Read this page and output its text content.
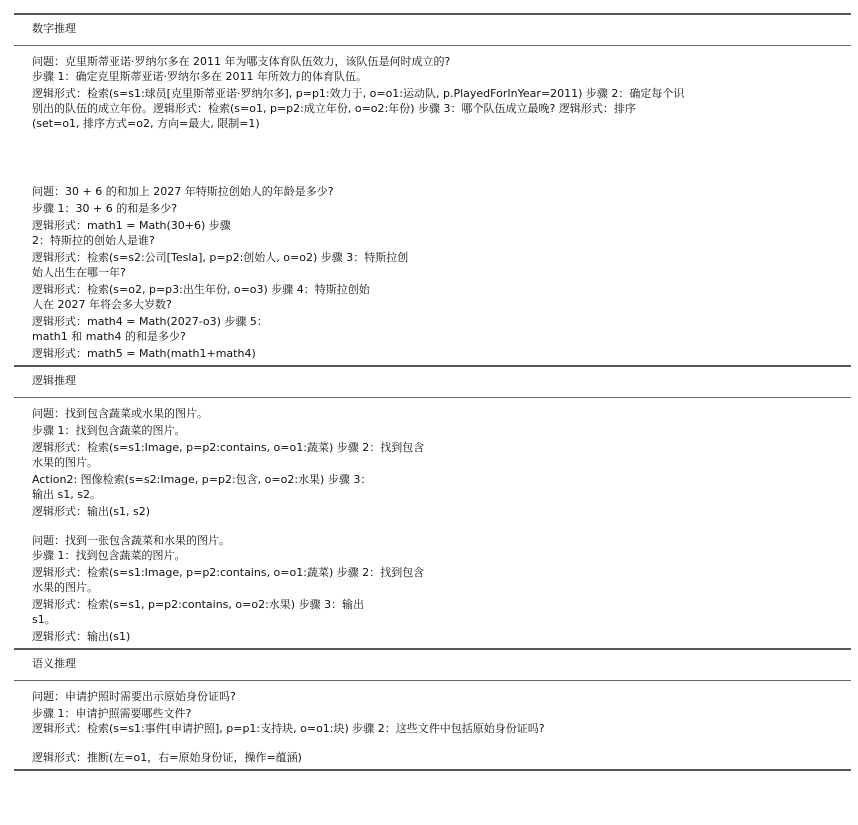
数字推理

问题：克里斯蒂亚诺·罗纳尔多在 2011 年为哪支体育队伍效力，该队伍是何时成立的?

步骤 1：确定克里斯蒂亚诺·罗纳尔多在 2011 年所效力的体育队伍。

逻辑形式：检索(s=s1:球员[克里斯蒂亚诺·罗纳尔多], p=p1:效力于, o=o1:运动队, p.PlayedForInYear=2011) 步骤 2：确定每个识

别出的队伍的成立年份。逻辑形式：检索(s=o1, p=p2:成立年份, o=o2:年份) 步骤 3：哪个队伍成立最晚? 逻辑形式：排序

(set=o1, 排序方式=o2, 方向=最大, 限制=1)

问题：30 + 6 的和加上 2027 年特斯拉创始人的年龄是多少?

步骤 1：30 + 6 的和是多少?

逻辑形式：math1 = Math(30+6) 步骤

2：特斯拉的创始人是谁?

逻辑形式：检索(s=s2:公司[Tesla], p=p2:创始人, o=o2) 步骤 3：特斯拉创

始人出生在哪一年?

逻辑形式：检索(s=o2, p=p3:出生年份, o=o3) 步骤 4：特斯拉创始

人在 2027 年将会多大岁数?

逻辑形式：math4 = Math(2027-o3) 步骤 5：

math1 和 math4 的和是多少?

逻辑形式：math5 = Math(math1+math4)

逻辑推理

问题：找到包含蔬菜或水果的图片。

步骤 1：找到包含蔬菜的图片。

逻辑形式：检索(s=s1:Image, p=p2:contains, o=o1:蔬菜) 步骤 2：找到包含

水果的图片。

Action2: 图像检索(s=s2:Image, p=p2:包含, o=o2:水果) 步骤 3：

输出 s1, s2。

逻辑形式：输出(s1, s2)

问题：找到一张包含蔬菜和水果的图片。

步骤 1：找到包含蔬菜的图片。

逻辑形式：检索(s=s1:Image, p=p2:contains, o=o1:蔬菜) 步骤 2：找到包含

水果的图片。

逻辑形式：检索(s=s1, p=p2:contains, o=o2:水果) 步骤 3：输出

s1。

逻辑形式：输出(s1)

语义推理

问题：申请护照时需要出示原始身份证吗?

步骤 1：申请护照需要哪些文件?

逻辑形式：检索(s=s1:事件[申请护照], p=p1:支持块, o=o1:块) 步骤 2：这些文件中包括原始身份证吗?

逻辑形式：推断(左=o1，右=原始身份证，操作=蕴涵)
